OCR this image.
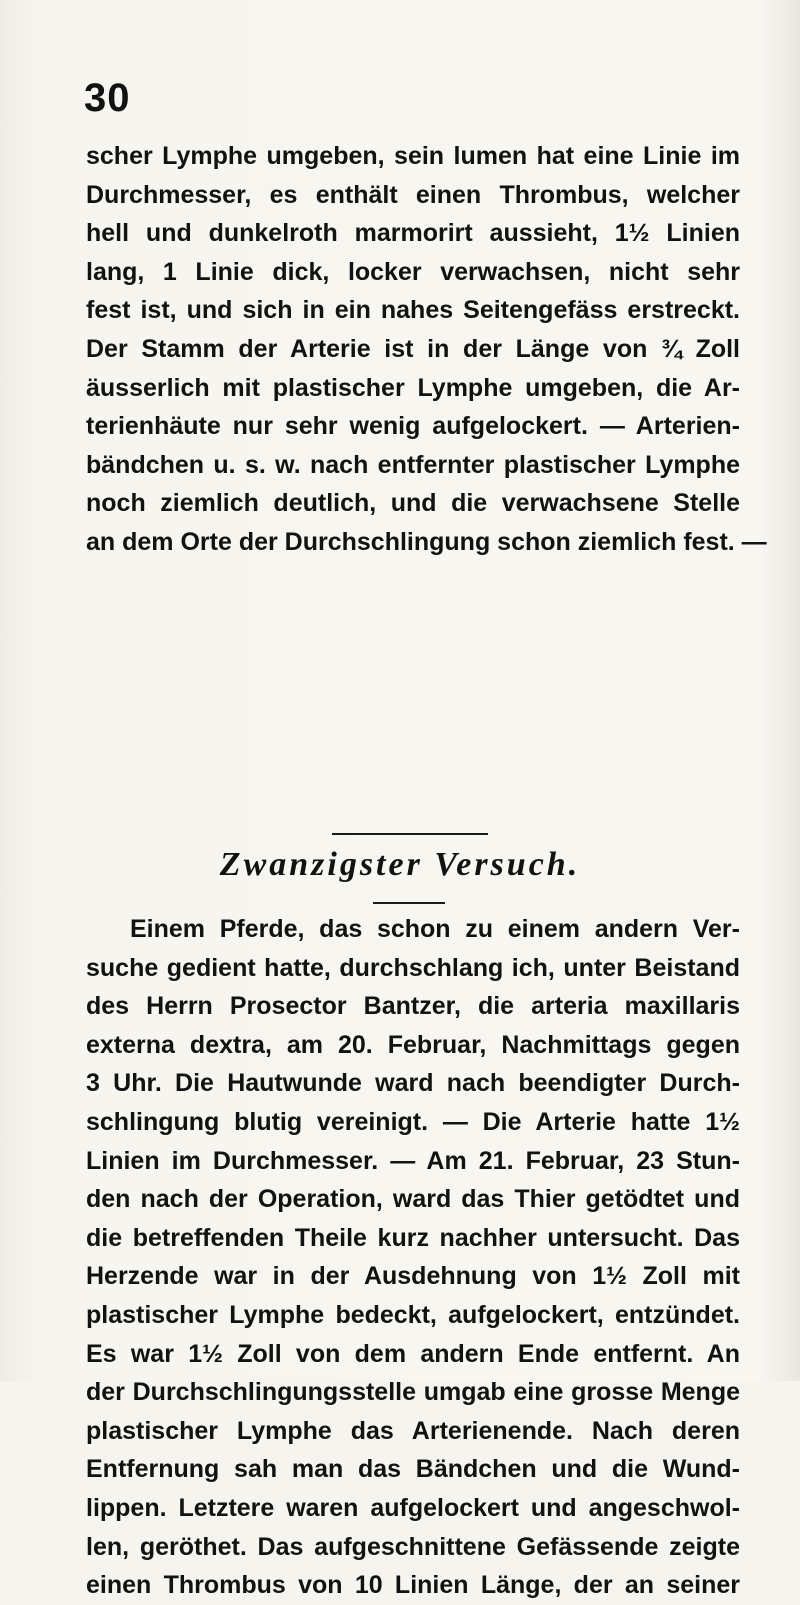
30
scher Lymphe umgeben, sein lumen hat eine Linie im
Durchmesser, es enthält einen Thrombus, welcher
hell und dunkelroth marmorirt aussieht, 1½ Linien
lang, 1 Linie dick, locker verwachsen, nicht sehr
fest ist, und sich in ein nahes Seitengefäss erstreckt.
Der Stamm der Arterie ist in der Länge von ¾ Zoll
äusserlich mit plastischer Lymphe umgeben, die Ar-
terienhäute nur sehr wenig aufgelockert. — Arterien-
bändchen u. s. w. nach entfernter plastischer Lymphe
noch ziemlich deutlich, und die verwachsene Stelle
an dem Orte der Durchschlingung schon ziemlich fest. —
Zwanzigster Versuch.
Einem Pferde, das schon zu einem andern Ver-
suche gedient hatte, durchschlang ich, unter Beistand
des Herrn Prosector Bantzer, die arteria maxillaris
externa dextra, am 20. Februar, Nachmittags gegen
3 Uhr. Die Hautwunde ward nach beendigter Durch-
schlingung blutig vereinigt. — Die Arterie hatte 1½
Linien im Durchmesser. — Am 21. Februar, 23 Stun-
den nach der Operation, ward das Thier getödtet und
die betreffenden Theile kurz nachher untersucht. Das
Herzende war in der Ausdehnung von 1½ Zoll mit
plastischer Lymphe bedeckt, aufgelockert, entzündet.
Es war 1½ Zoll von dem andern Ende entfernt. An
der Durchschlingungsstelle umgab eine grosse Menge
plastischer Lymphe das Arterienende. Nach deren
Entfernung sah man das Bändchen und die Wund-
lippen. Letztere waren aufgelockert und angeschwol-
len, geröthet. Das aufgeschnittene Gefässende zeigte
einen Thrombus von 10 Linien Länge, der an seiner
